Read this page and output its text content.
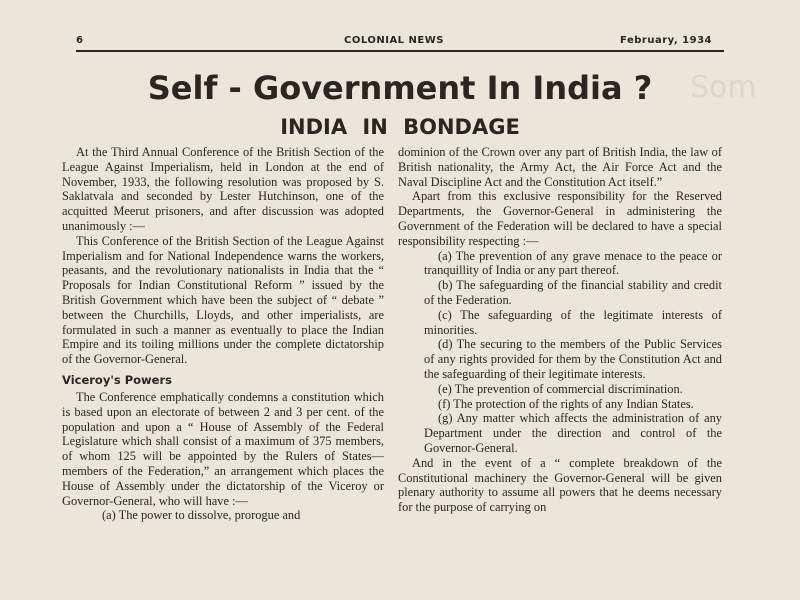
Som
6	COLONIAL NEWS	February, 1934
Self - Government In India ?
INDIA IN BONDAGE

At the Third Annual Conference of the British Section of the League Against Imperialism, held in London at the end of November, 1933, the following resolution was proposed by S. Saklatvala and seconded by Lester Hutchinson, one of the acquitted Meerut prisoners, and after discussion was adopted unanimously :—

This Conference of the British Section of the League Against Imperialism and for National Independence warns the workers, peasants, and the revolutionary nationalists in India that the “ Proposals for Indian Constitutional Reform ” issued by the British Government which have been the subject of “ debate ” between the Churchills, Lloyds, and other imperialists, are formulated in such a manner as eventually to place the Indian Empire and its toiling millions under the complete dictatorship of the Governor-General.

Viceroy's Powers

The Conference emphatically condemns a constitution which is based upon an electorate of between 2 and 3 per cent. of the population and upon a “ House of Assembly of the Federal Legislature which shall consist of a maximum of 375 members, of whom 125 will be appointed by the Rulers of States—members of the Federation,” an arrangement which places the House of Assembly under the dictatorship of the Viceroy or Governor-General, who will have :—

(a) The power to dissolve, prorogue and

dominion of the Crown over any part of British India, the law of British nationality, the Army Act, the Air Force Act and the Naval Discipline Act and the Constitution Act itself.”

Apart from this exclusive responsibility for the Reserved Departments, the Governor-General in administering the Government of the Federation will be declared to have a special responsibility respecting :—

(a) The prevention of any grave menace to the peace or tranquillity of India or any part thereof.

(b) The safeguarding of the financial stability and credit of the Federation.

(c) The safeguarding of the legitimate interests of minorities.

(d) The securing to the members of the Public Services of any rights provided for them by the Constitution Act and the safeguarding of their legitimate interests.

(e) The prevention of commercial discrimination.

(f) The protection of the rights of any Indian States.

(g) Any matter which affects the administration of any Department under the direction and control of the Governor-General.

And in the event of a “ complete breakdown of the Constitutional machinery the Governor-General will be given plenary authority to assume all powers that he deems necessary for the purpose of carrying on
